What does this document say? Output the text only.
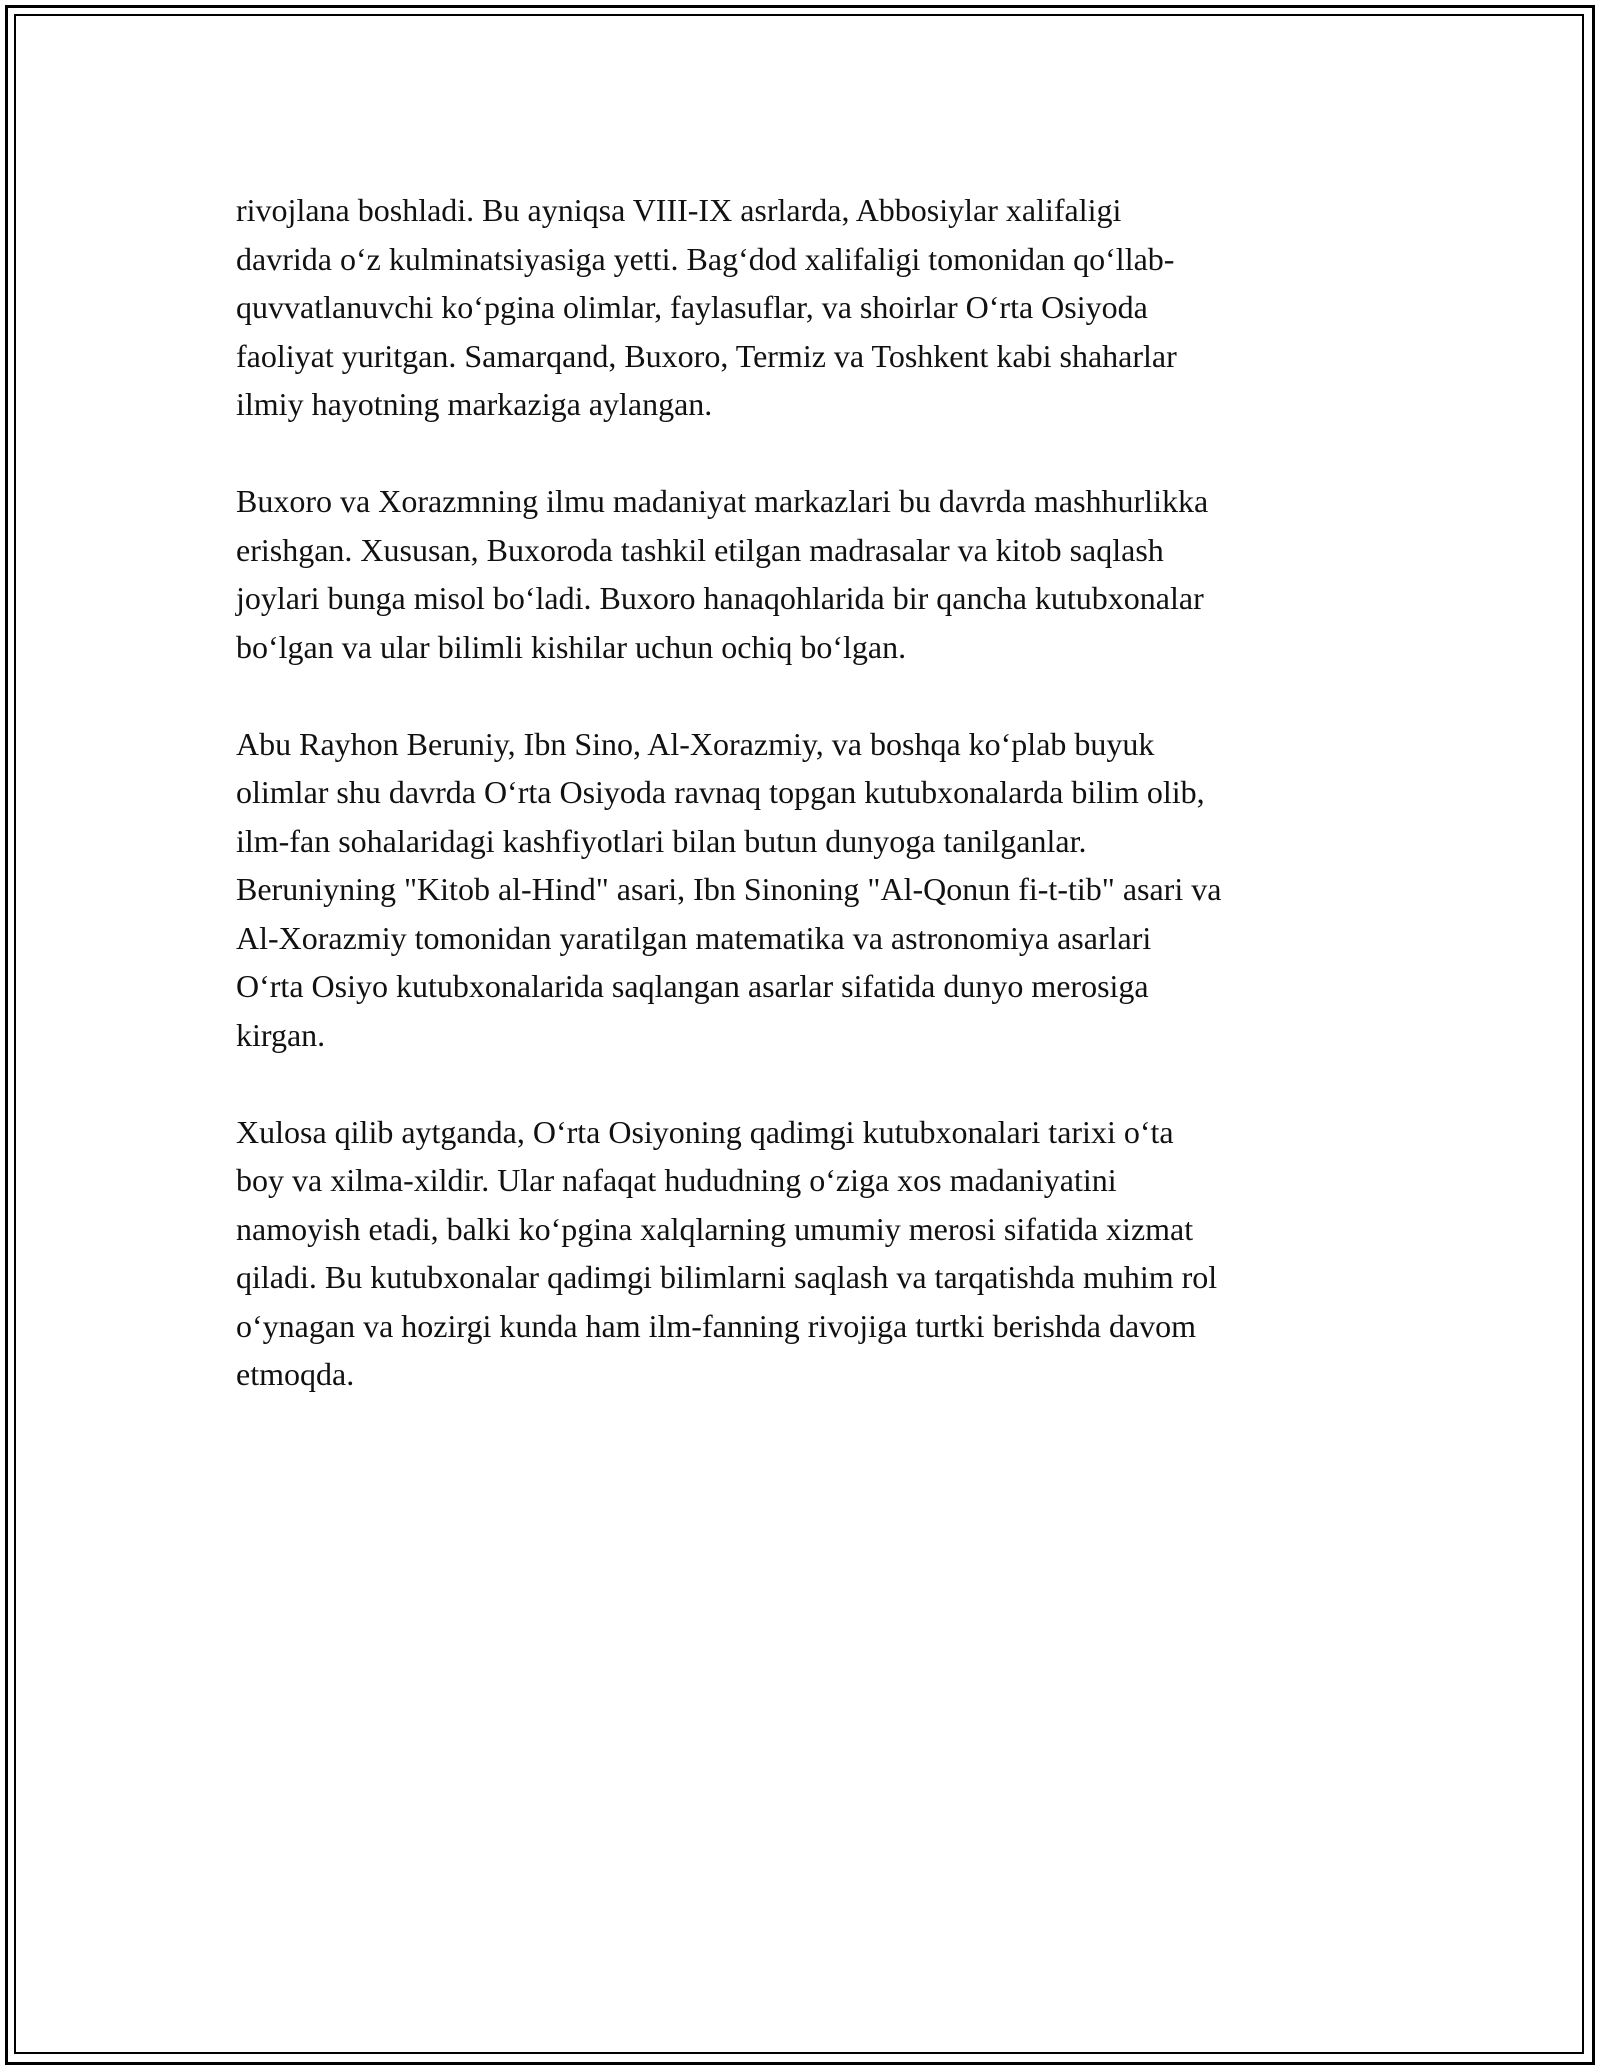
rivojlana boshladi. Bu ayniqsa VIII-IX asrlarda, Abbosiylar xalifaligi
davrida o‘z kulminatsiyasiga yetti. Bag‘dod xalifaligi tomonidan qo‘llab-
quvvatlanuvchi ko‘pgina olimlar, faylasuflar, va shoirlar O‘rta Osiyoda
faoliyat yuritgan. Samarqand, Buxoro, Termiz va Toshkent kabi shaharlar
ilmiy hayotning markaziga aylangan.

Buxoro va Xorazmning ilmu madaniyat markazlari bu davrda mashhurlikka
erishgan. Xususan, Buxoroda tashkil etilgan madrasalar va kitob saqlash
joylari bunga misol bo‘ladi. Buxoro hanaqohlarida bir qancha kutubxonalar
bo‘lgan va ular bilimli kishilar uchun ochiq bo‘lgan.

Abu Rayhon Beruniy, Ibn Sino, Al-Xorazmiy, va boshqa ko‘plab buyuk
olimlar shu davrda O‘rta Osiyoda ravnaq topgan kutubxonalarda bilim olib,
ilm-fan sohalaridagi kashfiyotlari bilan butun dunyoga tanilganlar.
Beruniyning "Kitob al-Hind" asari, Ibn Sinoning "Al-Qonun fi-t-tib" asari va
Al-Xorazmiy tomonidan yaratilgan matematika va astronomiya asarlari
O‘rta Osiyo kutubxonalarida saqlangan asarlar sifatida dunyo merosiga
kirgan.

Xulosa qilib aytganda, O‘rta Osiyoning qadimgi kutubxonalari tarixi o‘ta
boy va xilma-xildir. Ular nafaqat hududning o‘ziga xos madaniyatini
namoyish etadi, balki ko‘pgina xalqlarning umumiy merosi sifatida xizmat
qiladi. Bu kutubxonalar qadimgi bilimlarni saqlash va tarqatishda muhim rol
o‘ynagan va hozirgi kunda ham ilm-fanning rivojiga turtki berishda davom
etmoqda.
